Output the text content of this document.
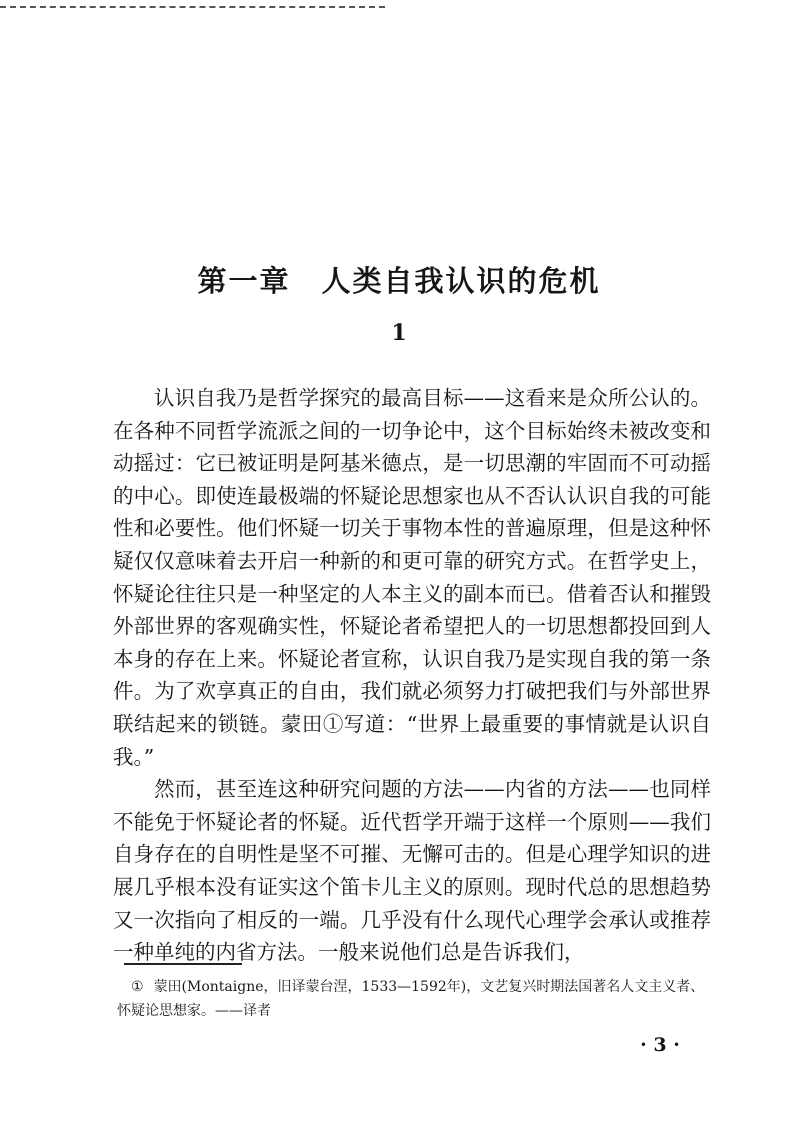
第一章　人类自我认识的危机
1

认识自我乃是哲学探究的最高目标——这看来是众所公认的。在各种不同哲学流派之间的一切争论中，这个目标始终未被改变和动摇过：它已被证明是阿基米德点，是一切思潮的牢固而不可动摇的中心。即使连最极端的怀疑论思想家也从不否认认识自我的可能性和必要性。他们怀疑一切关于事物本性的普遍原理，但是这种怀疑仅仅意味着去开启一种新的和更可靠的研究方式。在哲学史上，怀疑论往往只是一种坚定的人本主义的副本而已。借着否认和摧毁外部世界的客观确实性，怀疑论者希望把人的一切思想都投回到人本身的存在上来。怀疑论者宣称，认识自我乃是实现自我的第一条件。为了欢享真正的自由，我们就必须努力打破把我们与外部世界联结起来的锁链。蒙田①写道：“世界上最重要的事情就是认识自我。”

然而，甚至连这种研究问题的方法——内省的方法——也同样不能免于怀疑论者的怀疑。近代哲学开端于这样一个原则——我们自身存在的自明性是坚不可摧、无懈可击的。但是心理学知识的进展几乎根本没有证实这个笛卡儿主义的原则。现时代总的思想趋势又一次指向了相反的一端。几乎没有什么现代心理学会承认或推荐一种单纯的内省方法。一般来说他们总是告诉我们，

① 蒙田(Montaigne，旧译蒙台涅，1533—1592年)，文艺复兴时期法国著名人文主义者、怀疑论思想家。——译者
· 3 ·
